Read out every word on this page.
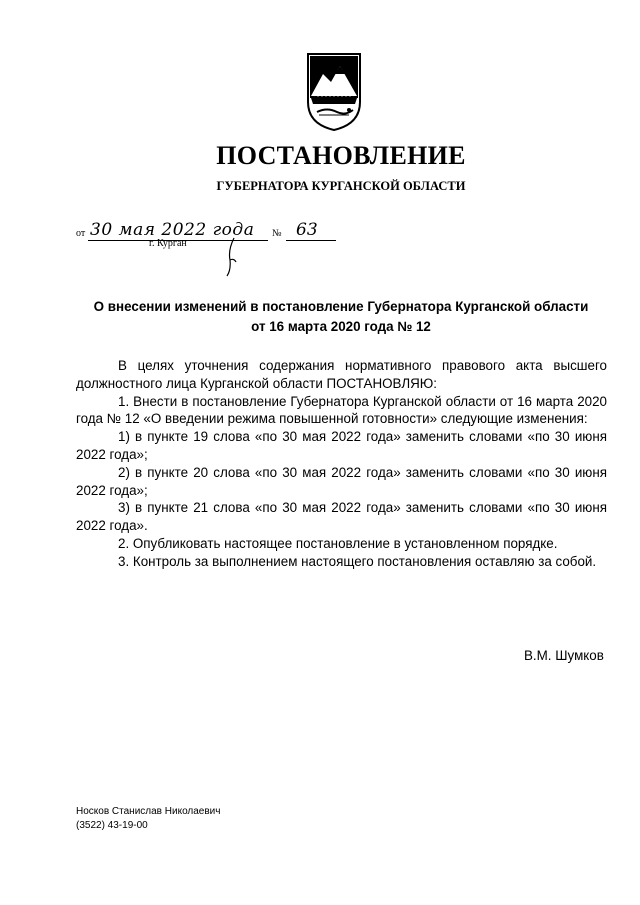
ПОСТАНОВЛЕНИЕ
ГУБЕРНАТОРА КУРГАНСКОЙ ОБЛАСТИ
от 30 мая 2022 года № 63
г. Курган
О внесении изменений в постановление Губернатора Курганской области
от 16 марта 2020 года № 12

В целях уточнения содержания нормативного правового акта высшего должностного лица Курганской области ПОСТАНОВЛЯЮ:

1. Внести в постановление Губернатора Курганской области от 16 марта 2020 года № 12 «О введении режима повышенной готовности» следующие изменения:

1) в пункте 19 слова «по 30 мая 2022 года» заменить словами «по 30 июня 2022 года»;

2) в пункте 20 слова «по 30 мая 2022 года» заменить словами «по 30 июня 2022 года»;

3) в пункте 21 слова «по 30 мая 2022 года» заменить словами «по 30 июня 2022 года».

2. Опубликовать настоящее постановление в установленном порядке.

3. Контроль за выполнением настоящего постановления оставляю за собой.

В.М. Шумков
Носков Станислав Николаевич
(3522) 43-19-00
